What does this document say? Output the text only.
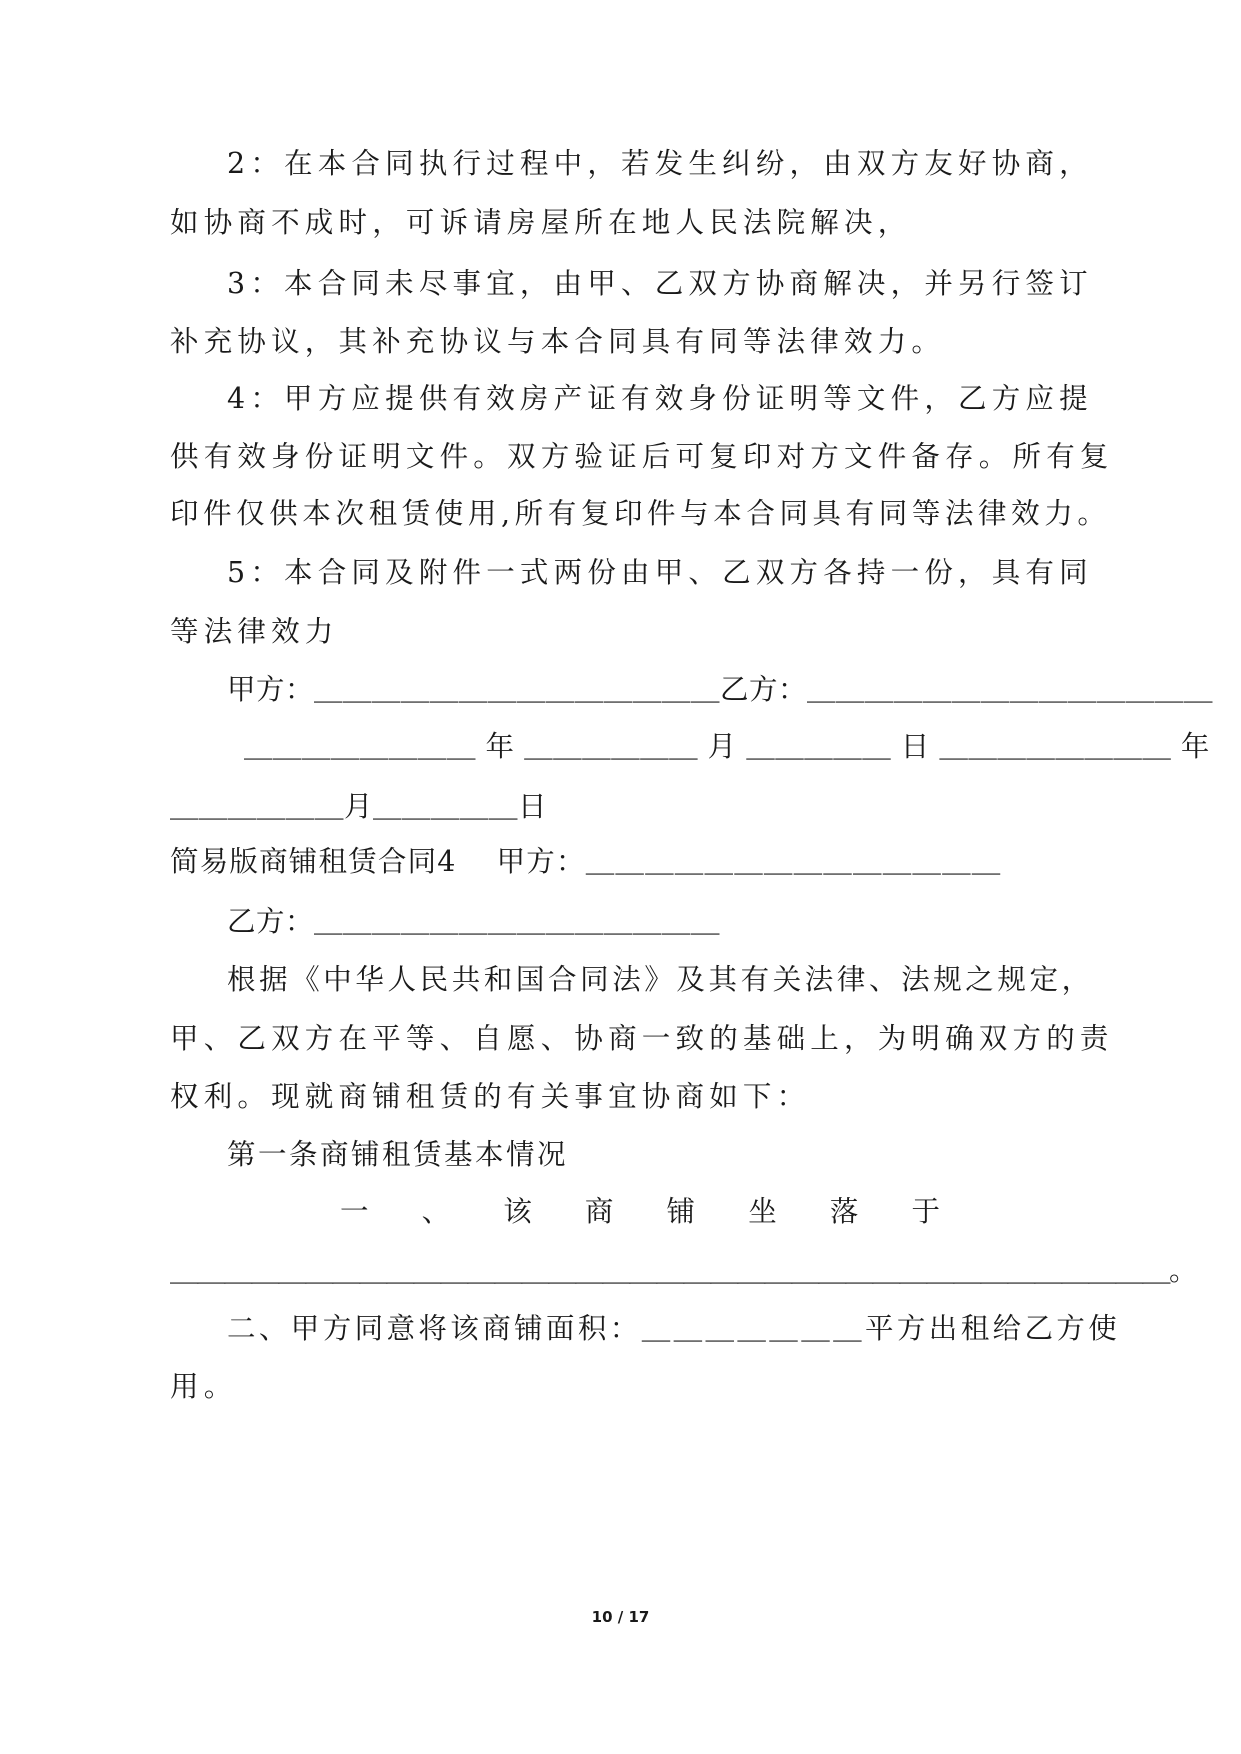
2：在本合同执行过程中，若发生纠纷，由双方友好协商，
如协商不成时，可诉请房屋所在地人民法院解决，
3：本合同未尽事宜，由甲、乙双方协商解决，并另行签订
补充协议，其补充协议与本合同具有同等法律效力。
4：甲方应提供有效房产证有效身份证明等文件，乙方应提
供有效身份证明文件。双方验证后可复印对方文件备存。所有复
印件仅供本次租赁使用,所有复印件与本合同具有同等法律效力。
5：本合同及附件一式两份由甲、乙双方各持一份，具有同
等法律效力
甲方：＿＿＿＿＿＿＿＿＿＿＿＿＿＿乙方：＿＿＿＿＿＿＿＿＿＿＿＿＿＿
＿＿＿＿＿＿＿＿ 年 ＿＿＿＿＿＿ 月 ＿＿＿＿＿ 日 ＿＿＿＿＿＿＿＿ 年
＿＿＿＿＿＿月＿＿＿＿＿日
简易版商铺租赁合同4　 甲方：＿＿＿＿＿＿＿＿＿＿＿＿＿＿
乙方：＿＿＿＿＿＿＿＿＿＿＿＿＿＿
根据《中华人民共和国合同法》及其有关法律、法规之规定，
甲、乙双方在平等、自愿、协商一致的基础上，为明确双方的责
权利。现就商铺租赁的有关事宜协商如下：
第一条商铺租赁基本情况
一 、 该 商 铺 坐 落 于
＿＿＿＿＿＿＿＿＿＿＿＿＿＿＿＿＿＿＿＿＿＿＿＿＿＿＿＿＿＿＿＿＿＿＿＿＿。
二、甲方同意将该商铺面积：＿＿＿＿＿＿＿平方出租给乙方使
用。
10 / 17
